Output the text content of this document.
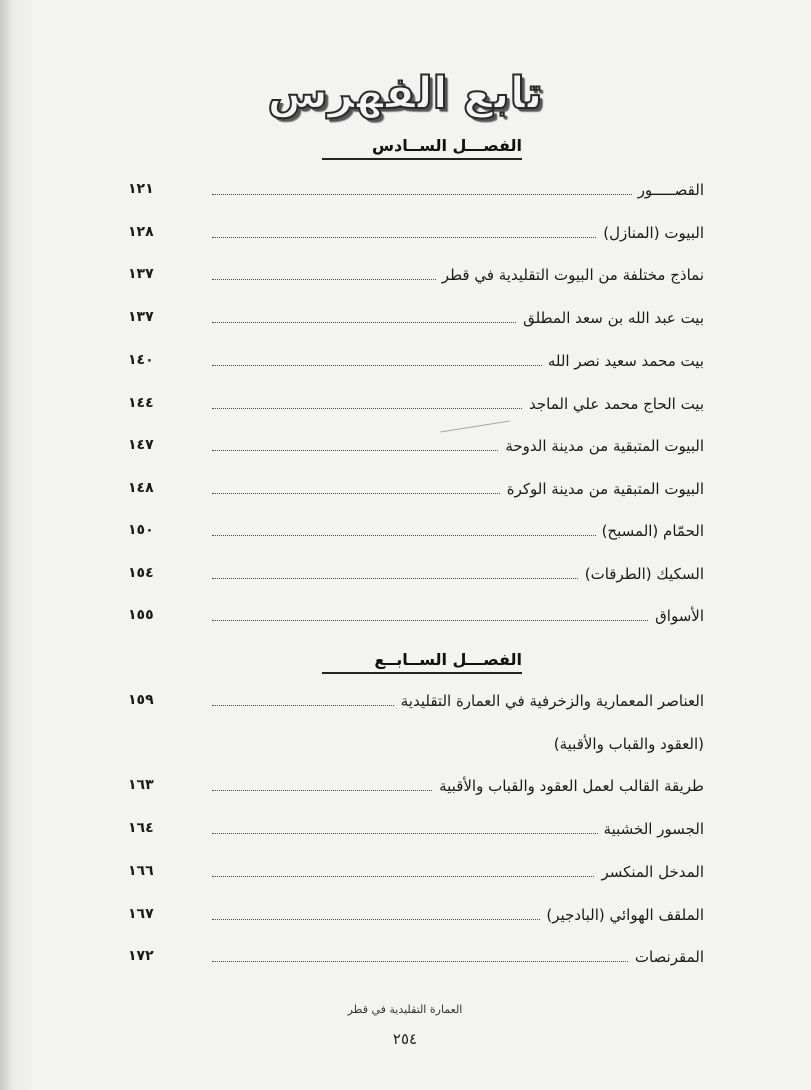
تابع الفهرس
الفصـــل الســادس
القصـــــور
١٢١
البيوت (المنازل)
١٢٨
نماذج مختلفة من البيوت التقليدية في قطر
١٣٧
بيت عبد الله بن سعد المطلق
١٣٧
بيت محمد سعيد نصر الله
١٤٠
بيت الحاج محمد علي الماجد
١٤٤
البيوت المتبقية من مدينة الدوحة
١٤٧
البيوت المتبقية من مدينة الوكرة
١٤٨
الحمّام (المسبح)
١٥٠
السكيك (الطرقات)
١٥٤
الأسواق
١٥٥
الفصـــل الســابــع
العناصر المعمارية والزخرفية في العمارة التقليدية
١٥٩
(العقود والقباب والأقبية)
طريقة القالب لعمل العقود والقباب والأقبية
١٦٣
الجسور الخشبية
١٦٤
المدخل المنكسر
١٦٦
الملقف الهوائي (البادجير)
١٦٧
المقرنصات
١٧٢
العمارة التقليدية في قطر
٢٥٤
